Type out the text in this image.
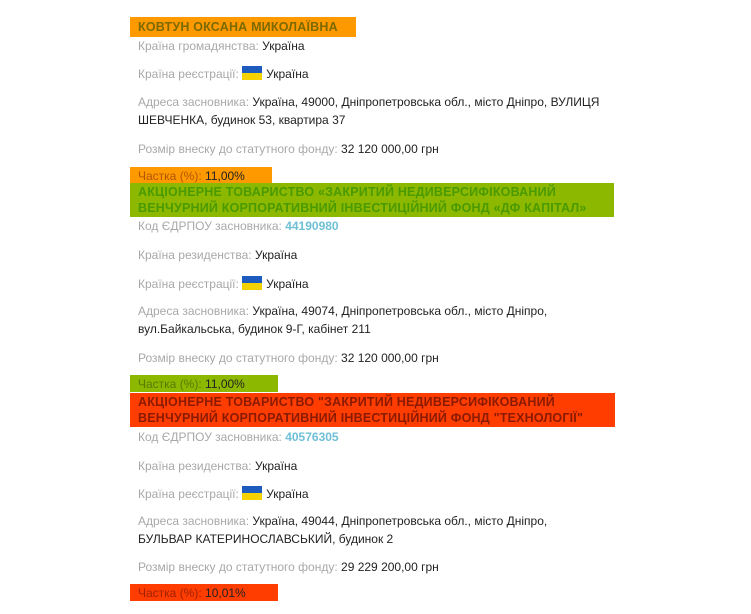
КОВТУН ОКСАНА МИКОЛАЇВНА
Країна громадянства: Україна
Країна реєстрації: Україна
Адреса засновника: Україна, 49000, Дніпропетровська обл., місто Дніпро, ВУЛИЦЯ
ШЕВЧЕНКА, будинок 53, квартира 37
Розмір внеску до статутного фонду: 32 120 000,00 грн
Частка (%): 11,00%
АКЦІОНЕРНЕ ТОВАРИСТВО «ЗАКРИТИЙ НЕДИВЕРСИФІКОВАНИЙ
ВЕНЧУРНИЙ КОРПОРАТИВНИЙ ІНВЕСТИЦІЙНИЙ ФОНД «ДФ КАПІТАЛ»
Код ЄДРПОУ засновника: 44190980
Країна резиденства: Україна
Країна реєстрації: Україна
Адреса засновника: Україна, 49074, Дніпропетровська обл., місто Дніпро,
вул.Байкальська, будинок 9-Г, кабінет 211
Розмір внеску до статутного фонду: 32 120 000,00 грн
Частка (%): 11,00%
АКЦІОНЕРНЕ ТОВАРИСТВО "ЗАКРИТИЙ НЕДИВЕРСИФІКОВАНИЙ
ВЕНЧУРНИЙ КОРПОРАТИВНИЙ ІНВЕСТИЦІЙНИЙ ФОНД "ТЕХНОЛОГІЇ"
Код ЄДРПОУ засновника: 40576305
Країна резиденства: Україна
Країна реєстрації: Україна
Адреса засновника: Україна, 49044, Дніпропетровська обл., місто Дніпро,
БУЛЬВАР КАТЕРИНОСЛАВСЬКИЙ, будинок 2
Розмір внеску до статутного фонду: 29 229 200,00 грн
Частка (%): 10,01%
